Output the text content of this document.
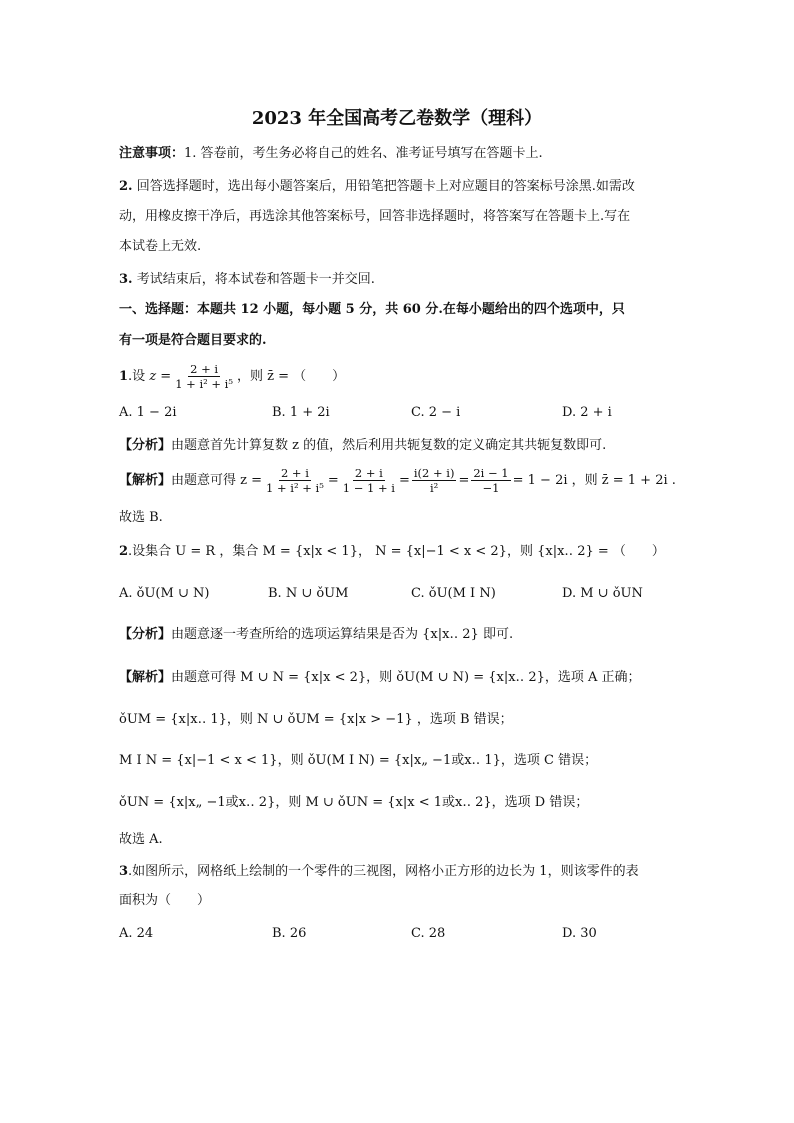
2023 年全国高考乙卷数学（理科）
注意事项：1. 答卷前，考生务必将自己的姓名、准考证号填写在答题卡上.
2. 回答选择题时，选出每小题答案后，用铅笔把答题卡上对应题目的答案标号涂黑.如需改
动，用橡皮擦干净后，再选涂其他答案标号，回答非选择题时，将答案写在答题卡上.写在
本试卷上无效.
3. 考试结束后，将本试卷和答题卡一并交回.
一、选择题：本题共 12 小题，每小题 5 分，共 60 分.在每小题给出的四个选项中，只
有一项是符合题目要求的.
1.设 $z = \frac{2 + i}{\text{1 + i² + i⁵}}$ ，则 z̄ = （　　）
A. 1 − 2i	B. 1 + 2i	C. 2 − i	D. 2 + i
【分析】由题意首先计算复数 z 的值，然后利用共轭复数的定义确定其共轭复数即可.
【解析】由题意可得 $z = \frac{2 + i}{\text{1 + i² + i⁵}} = \frac{2 + i}{1 - 1 + i} = \frac{i(2 + i)}{\text{i²}} = \frac{2i - 1}{-1} = 1 - 2i$ ，则 z̄ = 1 + 2i .
故选 B.
2.设集合 U = R ，集合 M = {x|x < 1}， N = {x|−1 < x < 2}，则 {x|x‥ 2} = （　　）
A. ǒU(M ∪ N)	B. N ∪ ǒUM	C. ǒU(M Ⅰ N)	D. M ∪ ǒUN
【分析】由题意逐一考查所给的选项运算结果是否为 {x|x‥ 2} 即可.
【解析】由题意可得 M ∪ N = {x|x < 2}，则 ǒU(M ∪ N) = {x|x‥ 2}，选项 A 正确；
ǒUM = {x|x‥ 1}，则 N ∪ ǒUM = {x|x > −1} ，选项 B 错误；
M Ⅰ N = {x|−1 < x < 1}，则 ǒU(M Ⅰ N) = {x|x„ −1或x‥ 1}，选项 C 错误；
ǒUN = {x|x„ −1或x‥ 2}，则 M ∪ ǒUN = {x|x < 1或x‥ 2}，选项 D 错误；
故选 A.
3.如图所示，网格纸上绘制的一个零件的三视图，网格小正方形的边长为 1，则该零件的表
面积为（　　）
A. 24	B. 26	C. 28	D. 30
